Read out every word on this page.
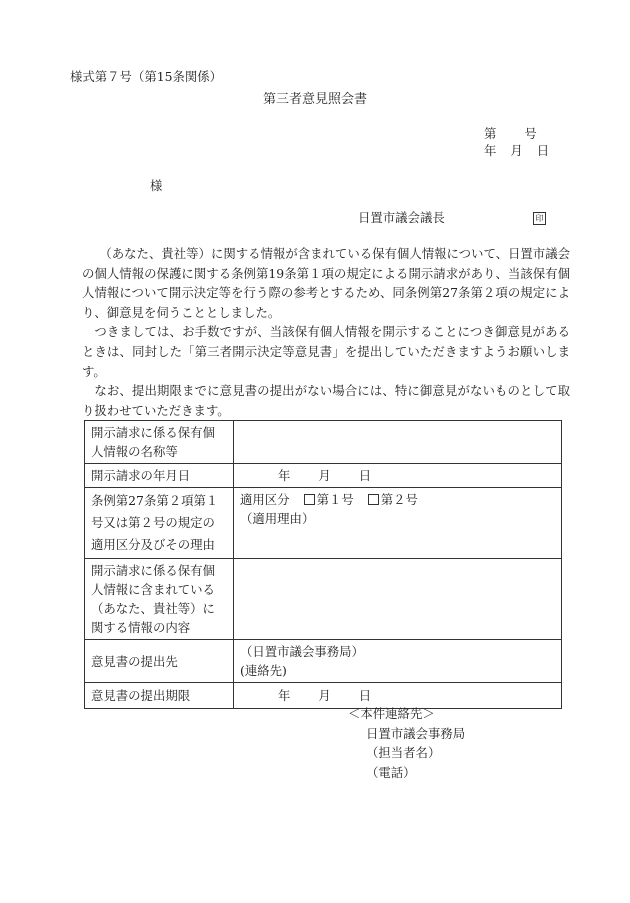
様式第７号（第15条関係）
第三者意見照会書
第 号
年 月 日
様
日置市議会議長	印

（あなた、貴社等）に関する情報が含まれている保有個人情報について、日置市議会の個人情報の保護に関する条例第19条第１項の規定による開示請求があり、当該保有個人情報について開示決定等を行う際の参考とするため、同条例第27条第２項の規定により、御意見を伺うこととしました。

つきましては、お手数ですが、当該保有個人情報を開示することにつき御意見があるときは、同封した「第三者開示決定等意見書」を提出していただきますようお願いします。

なお、提出期限までに意見書の提出がない場合には、特に御意見がないものとして取り扱わせていただきます。

開示請求に係る保有個人情報の名称等	
開示請求の年月日	年 月 日
条例第27条第２項第１号又は第２号の規定の適用区分及びその理由	適用区分 第１号 第２号
（適用理由）

開示請求に係る保有個人情報に含まれている（あなた、貴社等）に関する情報の内容	
意見書の提出先	（日置市議会事務局）
(連絡先)

意見書の提出期限	年 月 日
＜本件連絡先＞
日置市議会事務局
（担当者名）
（電話）
